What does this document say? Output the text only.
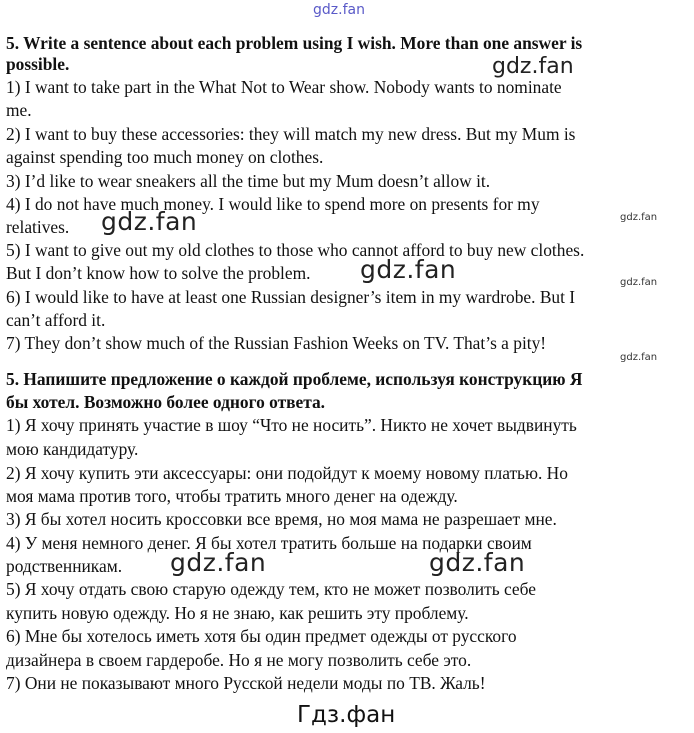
gdz.fan
5. Write a sentence about each problem using I wish. More than one answer is
possible.
1) I want to take part in the What Not to Wear show. Nobody wants to nominate
me.
2) I want to buy these accessories: they will match my new dress. But my Mum is
against spending too much money on clothes.
3) I’d like to wear sneakers all the time but my Mum doesn’t allow it.
4) I do not have much money. I would like to spend more on presents for my
relatives.
5) I want to give out my old clothes to those who cannot afford to buy new clothes.
But I don’t know how to solve the problem.
6) I would like to have at least one Russian designer’s item in my wardrobe. But I
can’t afford it.
7) They don’t show much of the Russian Fashion Weeks on TV. That’s a pity!
5. Напишите предложение о каждой проблеме, используя конструкцию Я
бы хотел. Возможно более одного ответа.
1) Я хочу принять участие в шоу “Что не носить”. Никто не хочет выдвинуть
мою кандидатуру.
2) Я хочу купить эти аксессуары: они подойдут к моему новому платью. Но
моя мама против того, чтобы тратить много денег на одежду.
3) Я бы хотел носить кроссовки все время, но моя мама не разрешает мне.
4) У меня немного денег. Я бы хотел тратить больше на подарки своим
родственникам.
5) Я хочу отдать свою старую одежду тем, кто не может позволить себе
купить новую одежду. Но я не знаю, как решить эту проблему.
6) Мне бы хотелось иметь хотя бы один предмет одежды от русского
дизайнера в своем гардеробе. Но я не могу позволить себе это.
7) Они не показывают много Русской недели моды по ТВ. Жаль!
gdz.fan
gdz.fan
gdz.fan
gdz.fan
gdz.fan
gdz.fan
gdz.fan	gdz.fan
Гдз.фан
